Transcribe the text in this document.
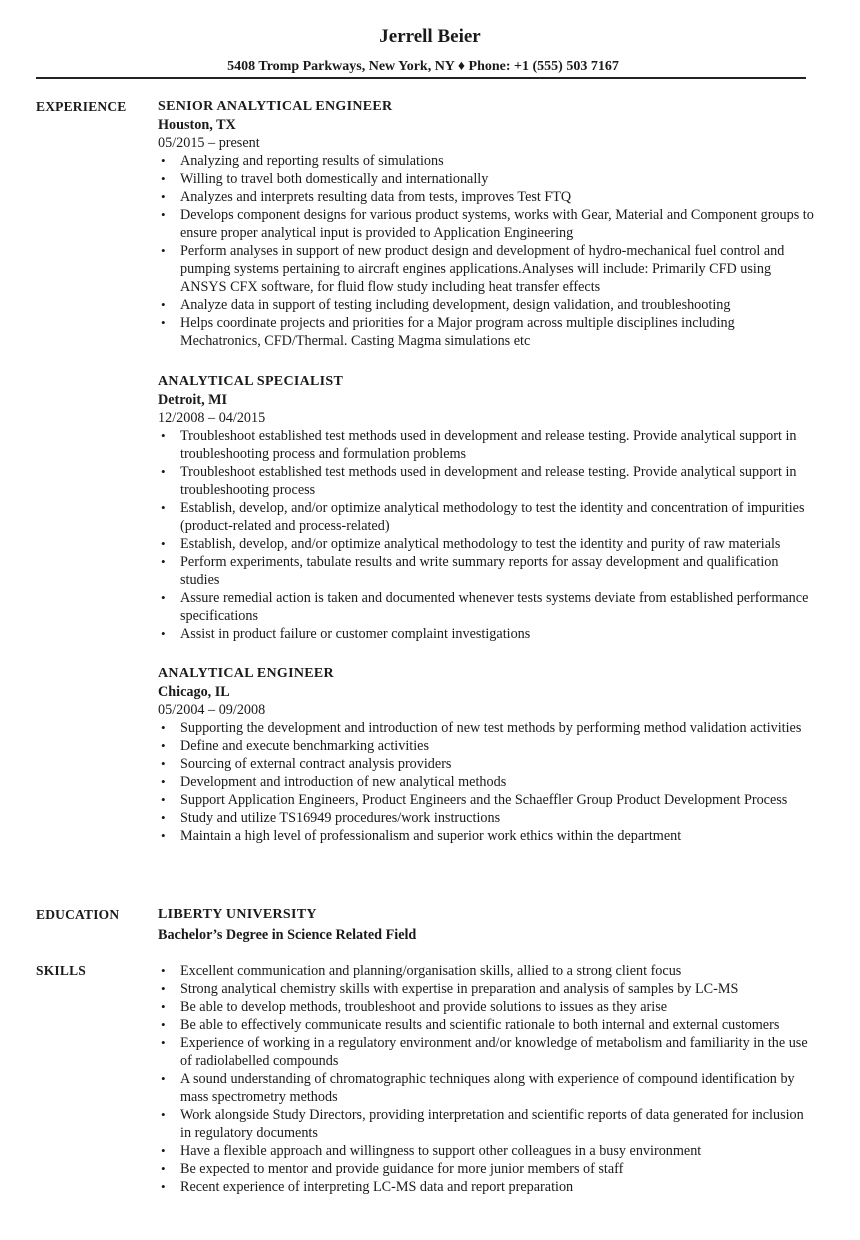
Jerrell Beier
5408 Tromp Parkways, New York, NY ♦ Phone: +1 (555) 503 7167
EXPERIENCE SENIOR ANALYTICAL ENGINEER
Houston, TX
05/2015 – present
• Analyzing and reporting results of simulations
• Willing to travel both domestically and internationally
• Analyzes and interprets resulting data from tests, improves Test FTQ
• Develops component designs for various product systems, works with Gear, Material and Component groups to ensure proper analytical input is provided to Application Engineering
• Perform analyses in support of new product design and development of hydro-mechanical fuel control and pumping systems pertaining to aircraft engines applications.Analyses will include: Primarily CFD using ANSYS CFX software, for fluid flow study including heat transfer effects
• Analyze data in support of testing including development, design validation, and troubleshooting
• Helps coordinate projects and priorities for a Major program across multiple disciplines including Mechatronics, CFD/Thermal. Casting Magma simulations etc
ANALYTICAL SPECIALIST
Detroit, MI
12/2008 – 04/2015
• Troubleshoot established test methods used in development and release testing. Provide analytical support in troubleshooting process and formulation problems
• Troubleshoot established test methods used in development and release testing. Provide analytical support in troubleshooting process
• Establish, develop, and/or optimize analytical methodology to test the identity and concentration of impurities (product-related and process-related)
• Establish, develop, and/or optimize analytical methodology to test the identity and purity of raw materials
• Perform experiments, tabulate results and write summary reports for assay development and qualification studies
• Assure remedial action is taken and documented whenever tests systems deviate from established performance specifications
• Assist in product failure or customer complaint investigations
ANALYTICAL ENGINEER
Chicago, IL
05/2004 – 09/2008
• Supporting the development and introduction of new test methods by performing method validation activities
• Define and execute benchmarking activities
• Sourcing of external contract analysis providers
• Development and introduction of new analytical methods
• Support Application Engineers, Product Engineers and the Schaeffler Group Product Development Process
• Study and utilize TS16949 procedures/work instructions
• Maintain a high level of professionalism and superior work ethics within the department
EDUCATION	LIBERTY UNIVERSITY
Bachelor’s Degree in Science Related Field
SKILLS
•	Excellent communication and planning/organisation skills, allied to a strong client focus
• Strong analytical chemistry skills with expertise in preparation and analysis of samples by LC-MS
• Be able to develop methods, troubleshoot and provide solutions to issues as they arise
• Be able to effectively communicate results and scientific rationale to both internal and external customers
• Experience of working in a regulatory environment and/or knowledge of metabolism and familiarity in the use of radiolabelled compounds
• A sound understanding of chromatographic techniques along with experience of compound identification by mass spectrometry methods
• Work alongside Study Directors, providing interpretation and scientific reports of data generated for inclusion in regulatory documents
• Have a flexible approach and willingness to support other colleagues in a busy environment
• Be expected to mentor and provide guidance for more junior members of staff
• Recent experience of interpreting LC-MS data and report preparation
